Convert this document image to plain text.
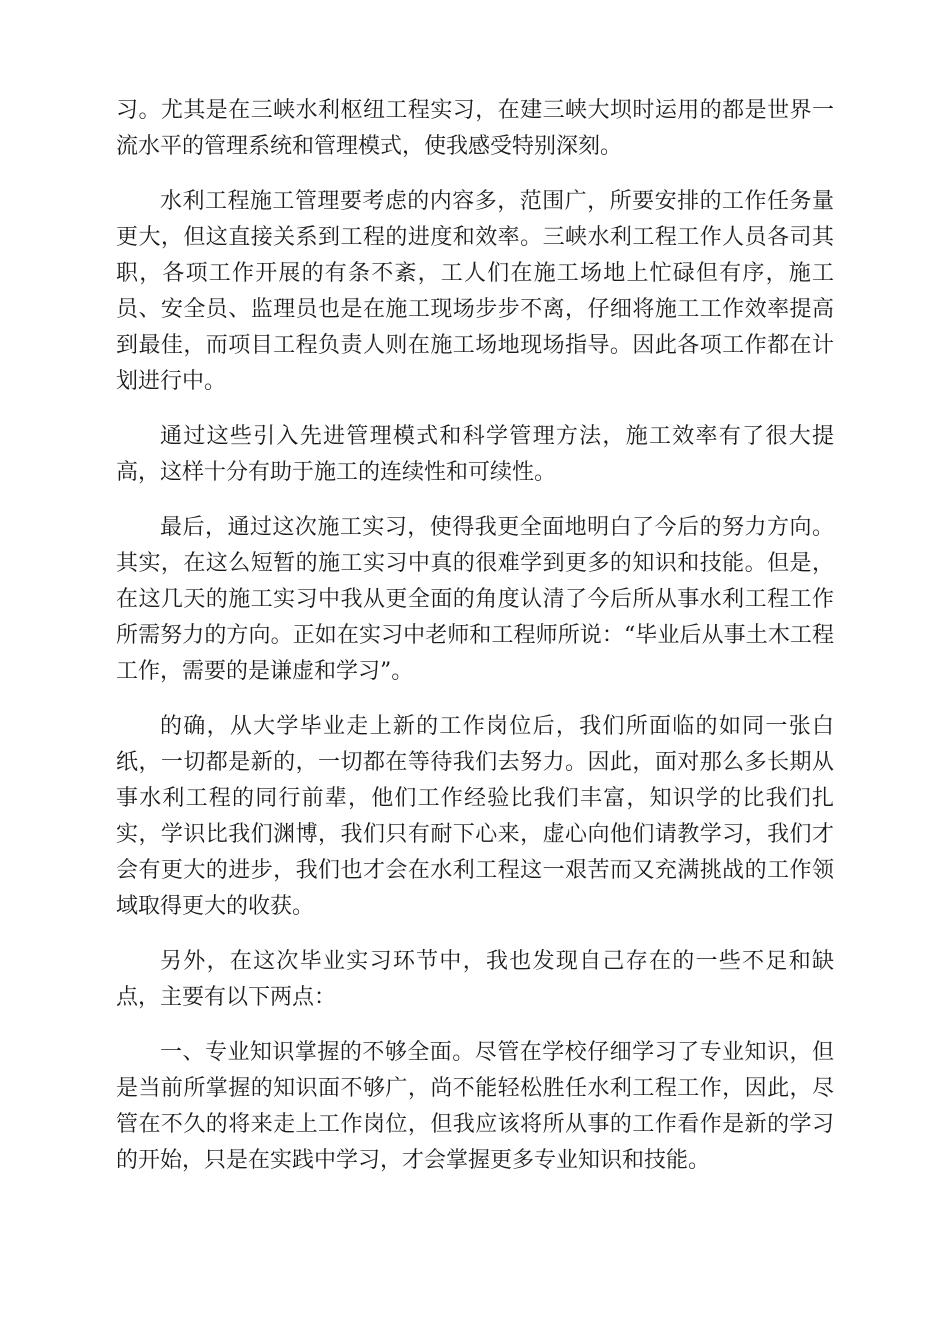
习。尤其是在三峡水利枢纽工程实习，在建三峡大坝时运用的都是世界一流水平的管理系统和管理模式，使我感受特别深刻。

水利工程施工管理要考虑的内容多，范围广，所要安排的工作任务量更大，但这直接关系到工程的进度和效率。三峡水利工程工作人员各司其职，各项工作开展的有条不紊，工人们在施工场地上忙碌但有序，施工员、安全员、监理员也是在施工现场步步不离，仔细将施工工作效率提高到最佳，而项目工程负责人则在施工场地现场指导。因此各项工作都在计划进行中。

通过这些引入先进管理模式和科学管理方法，施工效率有了很大提高，这样十分有助于施工的连续性和可续性。

最后，通过这次施工实习，使得我更全面地明白了今后的努力方向。其实，在这么短暂的施工实习中真的很难学到更多的知识和技能。但是，在这几天的施工实习中我从更全面的角度认清了今后所从事水利工程工作所需努力的方向。正如在实习中老师和工程师所说：“毕业后从事土木工程工作，需要的是谦虚和学习”。

的确，从大学毕业走上新的工作岗位后，我们所面临的如同一张白纸，一切都是新的，一切都在等待我们去努力。因此，面对那么多长期从事水利工程的同行前辈，他们工作经验比我们丰富，知识学的比我们扎实，学识比我们渊博，我们只有耐下心来，虚心向他们请教学习，我们才会有更大的进步，我们也才会在水利工程这一艰苦而又充满挑战的工作领域取得更大的收获。

另外，在这次毕业实习环节中，我也发现自己存在的一些不足和缺点，主要有以下两点：

一、专业知识掌握的不够全面。尽管在学校仔细学习了专业知识，但是当前所掌握的知识面不够广，尚不能轻松胜任水利工程工作，因此，尽管在不久的将来走上工作岗位，但我应该将所从事的工作看作是新的学习的开始，只是在实践中学习，才会掌握更多专业知识和技能。
